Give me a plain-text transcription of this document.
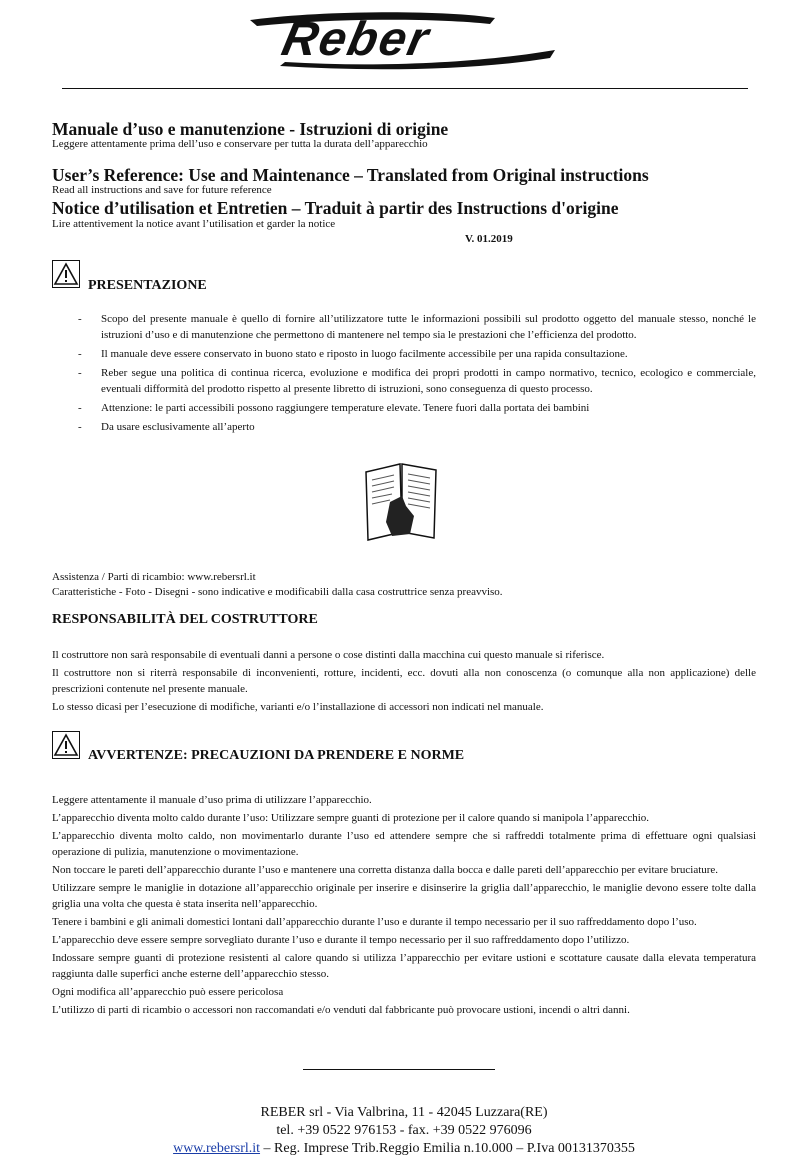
Reber
Manuale d’uso e manutenzione - Istruzioni di origine
Leggere attentamente prima dell’uso e conservare per tutta la durata dell’apparecchio
User’s Reference: Use and Maintenance – Translated from Original instructions
Read all instructions and save for future reference
Notice d’utilisation et Entretien – Traduit à partir des Instructions d'origine
Lire attentivement la notice avant l’utilisation et garder la notice
V. 01.2019
PRESENTAZIONE
- Scopo del presente manuale è quello di fornire all’utilizzatore tutte le informazioni possibili sul prodotto oggetto del manuale stesso, nonché le istruzioni d’uso e di manutenzione che permettono di mantenere nel tempo sia le prestazioni che l’efficienza del prodotto.
- Il manuale deve essere conservato in buono stato e riposto in luogo facilmente accessibile per una rapida consultazione.
- Reber segue una politica di continua ricerca, evoluzione e modifica dei propri prodotti in campo normativo, tecnico, ecologico e commerciale, eventuali difformità del prodotto rispetto al presente libretto di istruzioni, sono conseguenza di questo processo.
- Attenzione: le parti accessibili possono raggiungere temperature elevate. Tenere fuori dalla portata dei bambini
- Da usare esclusivamente all’aperto
Assistenza / Parti di ricambio: www.rebersrl.it
Caratteristiche - Foto - Disegni - sono indicative e modificabili dalla casa costruttrice senza preavviso.
RESPONSABILITÀ DEL COSTRUTTORE

Il costruttore non sarà responsabile di eventuali danni a persone o cose distinti dalla macchina cui questo manuale si riferisce.

Il costruttore non si riterrà responsabile di inconvenienti, rotture, incidenti, ecc. dovuti alla non conoscenza (o comunque alla non applicazione) delle prescrizioni contenute nel presente manuale.

Lo stesso dicasi per l’esecuzione di modifiche, varianti e/o l’installazione di accessori non indicati nel manuale.

AVVERTENZE: PRECAUZIONI DA PRENDERE E NORME

Leggere attentamente il manuale d’uso prima di utilizzare l’apparecchio.

L’apparecchio diventa molto caldo durante l’uso: Utilizzare sempre guanti di protezione per il calore quando si manipola l’apparecchio.

L’apparecchio diventa molto caldo, non movimentarlo durante l’uso ed attendere sempre che si raffreddi totalmente prima di effettuare ogni qualsiasi operazione di pulizia, manutenzione o movimentazione.

Non toccare le pareti dell’apparecchio durante l’uso e mantenere una corretta distanza dalla bocca e dalle pareti dell’apparecchio per evitare bruciature.

Utilizzare sempre le maniglie in dotazione all’apparecchio originale per inserire e disinserire la griglia dall’apparecchio, le maniglie devono essere tolte dalla griglia una volta che questa è stata inserita nell’apparecchio.

Tenere i bambini e gli animali domestici lontani dall’apparecchio durante l’uso e durante il tempo necessario per il suo raffreddamento dopo l’uso.

L’apparecchio deve essere sempre sorvegliato durante l’uso e durante il tempo necessario per il suo raffreddamento dopo l’utilizzo.

Indossare sempre guanti di protezione resistenti al calore quando si utilizza l’apparecchio per evitare ustioni e scottature causate dalla elevata temperatura raggiunta dalle superfici anche esterne dell’apparecchio stesso.

Ogni modifica all’apparecchio può essere pericolosa

L’utilizzo di parti di ricambio o accessori non raccomandati e/o venduti dal fabbricante può provocare ustioni, incendi o altri danni.

REBER srl - Via Valbrina, 11 - 42045 Luzzara(RE)
tel. +39 0522 976153 - fax. +39 0522 976096
www.rebersrl.it – Reg. Imprese Trib.Reggio Emilia n.10.000 – P.Iva 00131370355
